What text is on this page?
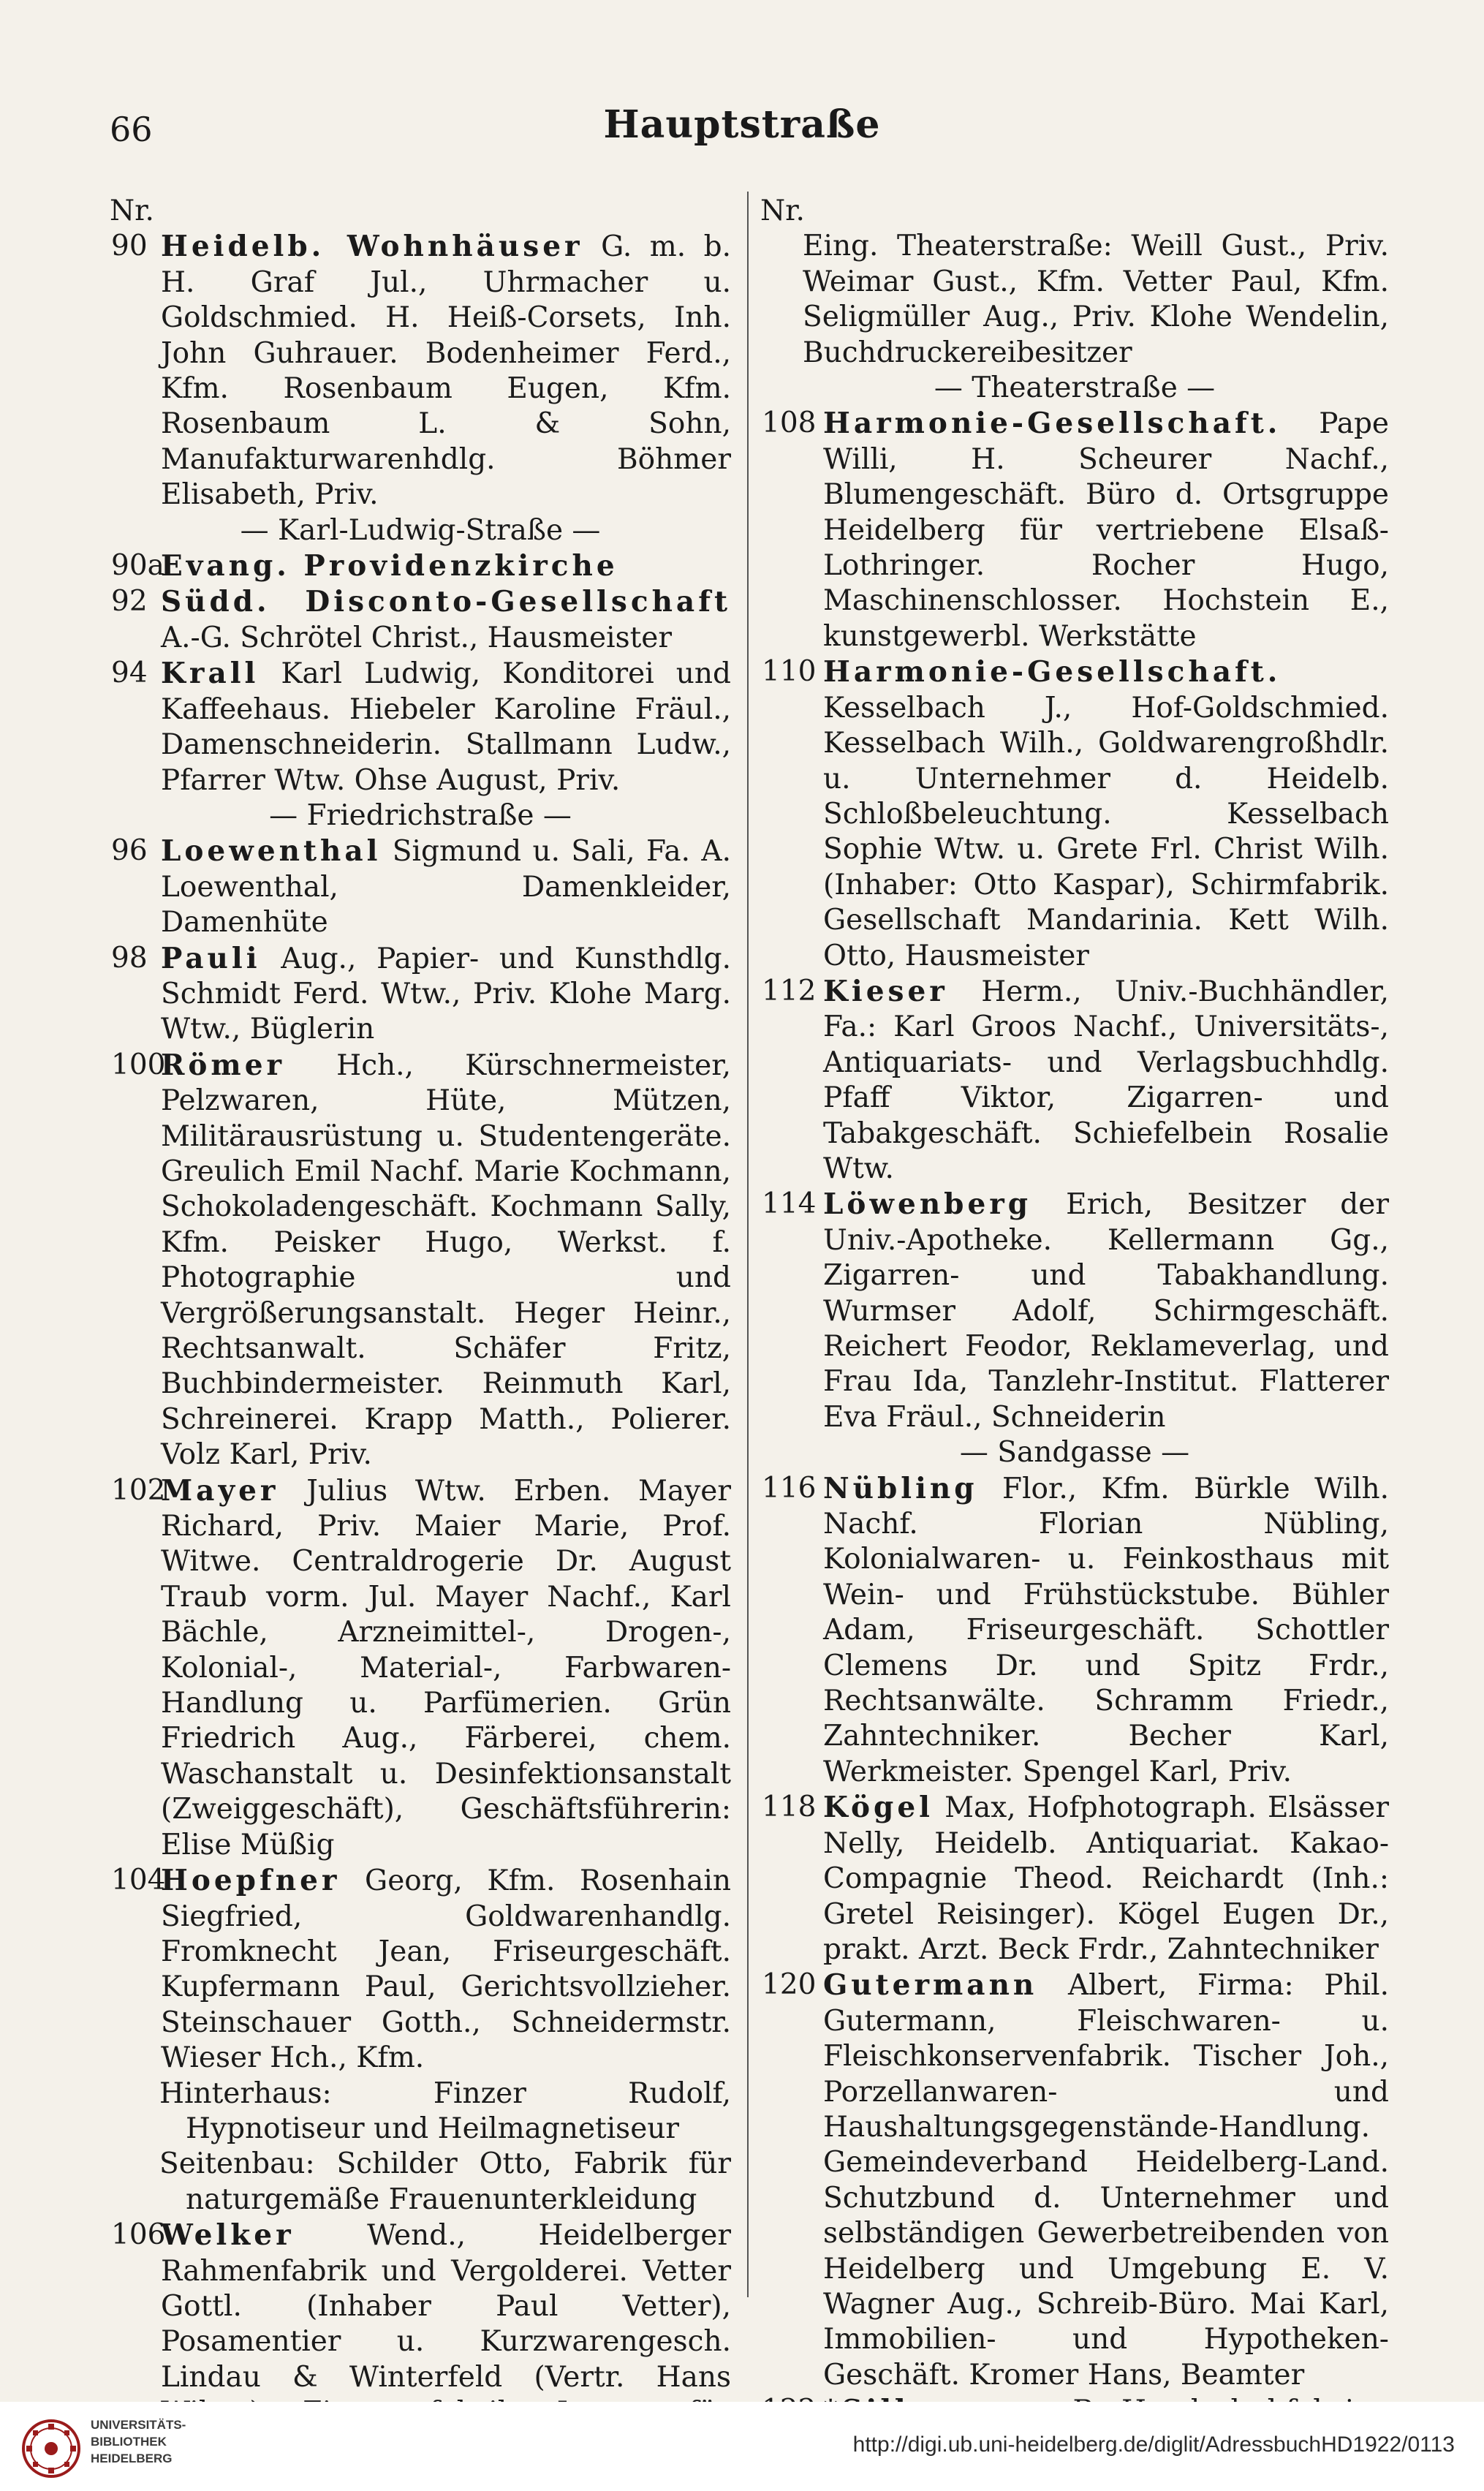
66	Hauptstraße

Nr.

90 Heidelb. Wohnhäuser G. m. b. H. Graf Jul., Uhrmacher u. Goldschmied. H. Heiß-Corsets, Inh. John Guhrauer. Bodenheimer Ferd., Kfm. Rosenbaum Eugen, Kfm. Rosenbaum L. & Sohn, Manufakturwarenhdlg. Böhmer Elisabeth, Priv.

— Karl-Ludwig-Straße —

90a
Evang. Providenzkirche
92 Südd. Disconto-Gesellschaft A.-G. Schrötel Christ., Hausmeister
94 Krall Karl Ludwig, Konditorei und Kaffeehaus. Hiebeler Karoline Fräul., Damenschneiderin. Stallmann Ludw., Pfarrer Wtw. Ohse August, Priv.

— Friedrichstraße —

96 Loewenthal Sigmund u. Sali, Fa. A. Loewenthal, Damenkleider, Damenhüte
98 Pauli Aug., Papier- und Kunsthdlg. Schmidt Ferd. Wtw., Priv. Klohe Marg. Wtw., Büglerin
100
Römer Hch., Kürschnermeister, Pelzwaren, Hüte, Mützen, Militärausrüstung u. Studentengeräte. Greulich Emil Nachf. Marie Kochmann, Schokoladengeschäft. Kochmann Sally, Kfm. Peisker Hugo, Werkst. f. Photographie und Vergrößerungsanstalt. Heger Heinr., Rechtsanwalt. Schäfer Fritz, Buchbindermeister. Reinmuth Karl, Schreinerei. Krapp Matth., Polierer. Volz Karl, Priv.
102
Mayer Julius Wtw. Erben. Mayer Richard, Priv. Maier Marie, Prof. Witwe. Centraldrogerie Dr. August Traub vorm. Jul. Mayer Nachf., Karl Bächle, Arzneimittel-, Drogen-, Kolonial-, Material-, Farbwaren-Handlung u. Parfümerien. Grün Friedrich Aug., Färberei, chem. Waschanstalt u. Desinfektionsanstalt (Zweiggeschäft), Geschäftsführerin: Elise Müßig
104
Hoepfner Georg, Kfm. Rosenhain Siegfried, Goldwarenhandlg. Fromknecht Jean, Friseurgeschäft. Kupfermann Paul, Gerichtsvollzieher. Steinschauer Gotth., Schneidermstr. Wieser Hch., Kfm.

Hinterhaus: Finzer Rudolf, Hypnotiseur und Heilmagnetiseur

Seitenbau: Schilder Otto, Fabrik für naturgemäße Frauenunterkleidung

106
Welker	Wend., Heidelberger Rahmenfabrik und Vergolderei. Vetter Gottl. (Inhaber Paul Vetter), Posamentier u. Kurzwarengesch. Lindau & Winterfeld (Vertr. Hans

Nr.

Eing. Theaterstraße: Weill Gust., Priv. Weimar Gust., Kfm. Vetter Paul, Kfm. Seligmüller Aug., Priv. Klohe Wendelin, Buchdruckereibesitzer

— Theaterstraße —

108 Harmonie-Gesellschaft. Pape Willi, H. Scheurer Nachf., Blumengeschäft. Büro d. Ortsgruppe Heidelberg für vertriebene Elsaß-Lothringer. Rocher Hugo, Maschinenschlosser. Hochstein E., kunstgewerbl. Werkstätte
110 Harmonie-Gesellschaft. Kesselbach J., Hof-Goldschmied. Kesselbach Wilh., Goldwarengroßhdlr. u. Unternehmer d. Heidelb. Schloßbeleuchtung. Kesselbach Sophie Wtw. u. Grete Frl. Christ Wilh. (Inhaber: Otto Kaspar), Schirmfabrik. Gesellschaft Mandarinia. Kett Wilh. Otto, Hausmeister
112 Kieser Herm., Univ.-Buchhändler, Fa.: Karl Groos Nachf., Universitäts-, Antiquariats- und Verlagsbuchhdlg. Pfaff Viktor, Zigarren- und Tabakgeschäft. Schiefelbein Rosalie Wtw.
114 Löwenberg Erich, Besitzer der Univ.-Apotheke. Kellermann Gg., Zigarren- und Tabakhandlung. Wurmser Adolf, Schirmgeschäft. Reichert Feodor, Reklameverlag, und Frau Ida, Tanzlehr-Institut. Flatterer Eva Fräul., Schneiderin

— Sandgasse —

116 Nübling Flor., Kfm. Bürkle Wilh. Nachf. Florian Nübling, Kolonialwaren- u. Feinkosthaus mit Wein- und Frühstückstube. Bühler Adam, Friseurgeschäft. Schottler Clemens Dr. und Spitz Frdr., Rechtsanwälte. Schramm Friedr., Zahntechniker. Becher Karl, Werkmeister. Spengel Karl, Priv.
118 Kögel Max, Hofphotograph. Elsässer Nelly, Heidelb. Antiquariat. Kakao-Compagnie Theod. Reichardt (Inh.: Gretel Reisinger). Kögel Eugen Dr., prakt. Arzt. Beck Frdr., Zahntechniker
120 Gutermann Albert, Firma: Phil. Gutermann, Fleischwaren- u. Fleischkonservenfabrik. Tischer Joh., Porzellanwaren- und Haushaltungsgegenstände-Handlung. Gemeindeverband Heidelberg-Land. Schutzbund d. Unternehmer und selbständigen Gewerbetreibenden von Heidelberg und Umgebung E. V. Wagner Aug., Schreib-Büro. Mai Karl, Immobilien- und Hypotheken-Geschäft. Kromer Hans, Beamter
UNIVERSITÄTS-
BIBLIOTHEK
HEIDELBERG
http://digi.ub.uni-heidelberg.de/diglit/AdressbuchHD1922/0113
